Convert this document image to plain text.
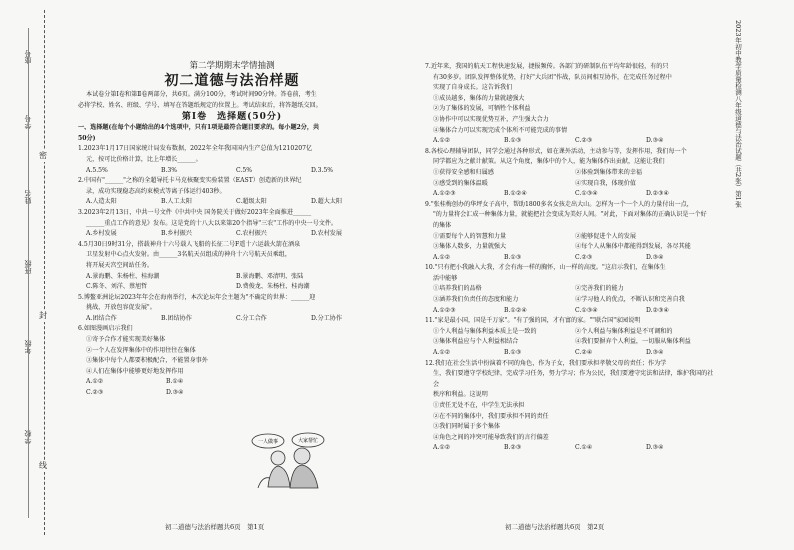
学校
年级
班级
姓名
学号
座号
密
封
线
第二学期期末学情抽测
初二道德与法治样题

本试卷分第Ⅰ卷和第Ⅱ卷两部分，共6页。满分100分，考试时间90分钟。答卷前，考生

必将学校、姓名、班级、学号、填写在答题纸规定的位置上。考试结束后，将答题纸交回。

第Ⅰ卷　选择题(50分)

一、选择题(在每个小题给出的4个选项中，只有1项是最符合题目要求的。每小题2分，共

50分)

1.2023年1月17日国家统计局发布数据，2022年全年我国国内生产总值为1210207亿

元，按可比价格计算，比上年增长______。

A.5.5%	B.3%	C.5%	D.3.5%

2.中国有"______"之称的全超导托卡马克核聚变实验装置（EAST）创造新的世界纪

录，成功实现稳态高约束模式等离子体运行403秒。

A.人造太阳	B.人工太阳	C.超级太阳	D.超大太阳

3.2023年2月13日，中共一号文件《中共中央 国务院关于做好2023年全面推进______

______重点工作的意见》发布。这是党的十八大以来第20个指导"三农"工作的中央一号文件。

A.乡村发展	B.乡村振兴	C.农村振兴	D.农村发展

4.5月30日9时31分，搭载神舟十六号载人飞船的长征二号F遥十六运载火箭在酒泉

卫星发射中心点火发射。由______3名航天员组成的神舟十六号航天员乘组，

将开展天宫空间站任务。

A.景海鹏、朱杨柱、桂海潮	B.景海鹏、邓清明、张陆
C.陈冬、刘洋、蔡旭哲	D.费俊龙、朱杨柱、桂海潮

5.博鳌亚洲论坛2023年年会在海南举行，本次论坛年会主题为"不确定的世界：______迎

挑战，开放包容促发展"。

A.团结合作	B.团结协作	C.分工合作	D.分工协作

6.如图漫画启示我们

①寄予合作才能实现美好集体

②一个人在发挥集体中的作用往往在集体

③集体中每个人都要积极配合，不能置身事外

④人们在集体中能够更好地发挥作用

A.①②	B.①④
C.②③	D.③④
一人做事	大家帮忙
初二道德与法治样题共6页　第1页

7.近年来，我国的航天工程快速发展，捷报频传。各部门的研制队伍平均年龄很轻，有的只

有30多岁。团队发挥整体优势，打好"大兵团"作战，队员间相互协作，在完成任务过程中

实现了自身成长。这告诉我们

①成员越多，集体的力量就越强大

②为了集体的发展，可牺牲个体利益

③协作中可以实现优势互补，产生强大合力

④集体合力可以实现完成个体所不可能完成的事情

A.①②	B.①③	C.②③	D.③④

8.各校心理辅导团队，同学会通过各种形式，如在课外活动，主动参与等，发挥作用，我们每一个

同学都应为之献计献策。从这个角度，集体中的个人，能为集体作出贡献，这能让我们

①获得安全感和归属感	②体验到集体带来的幸福
③感受到的集体温暖	④实现自我，体现价值
A.①②③	B.①②④	C.①③④	D.②③④

9."张桂梅创办的华坪女子高中，帮助1800多名女孩走出大山。怎样为一个一个人的力量付出一点，

"的力量将会汇成一种集体力量，就能把社会变成为美好人间。"对此，下面对集体的正确认识是一个好

的集体

①需要每个人的智慧和力量	②能够促进个人的发展
③集体人数多，力量就强大	④每个人从集体中都能得到发展，各尽其能
A.①②	B.①③	C.②③	D.③④

10."只有把小我融入大我，才会有海一样的胸怀，山一样的高度。"这启示我们，在集体生

活中能够

①培养我们的品格	②完善我们的能力
③涵养我们负责任的态度和能力	④学习他人的优点，不断认识和完善自我
A.①②③	B.①②④	C.①③④	D.②③④

11."家是最小国，国是千万家"。"有了强的国，才有富的家。""联合国"家园说明

①个人利益与集体利益本质上是一致的	②个人利益与集体利益是不可调和的
③集体利益应与个人利益相结合	④我们要摒弃个人利益，一切服从集体利益
A.①②	B.①③	C.②④	D.③④

12.我们在社会生活中扮演着不同的角色，作为子女，我们要承担孝敬父母的责任；作为学

生，我们要遵守学校纪律，完成学习任务，努力学习；作为公民，我们要遵守宪法和法律，维护我国的社会

秩序和利益。这说明

①责任无处不在，中学生无法承担

②在不同的集体中，我们要承担不同的责任

③我们同时属于多个集体

④角色之间的冲突可能导致我们的言行偏差

A.①②	B.②③	C.①④	D.③④
初二道德与法治样题共6页　第2页
2023年初中教学质量检测八年级道德与法治试题（共2张）第1张
